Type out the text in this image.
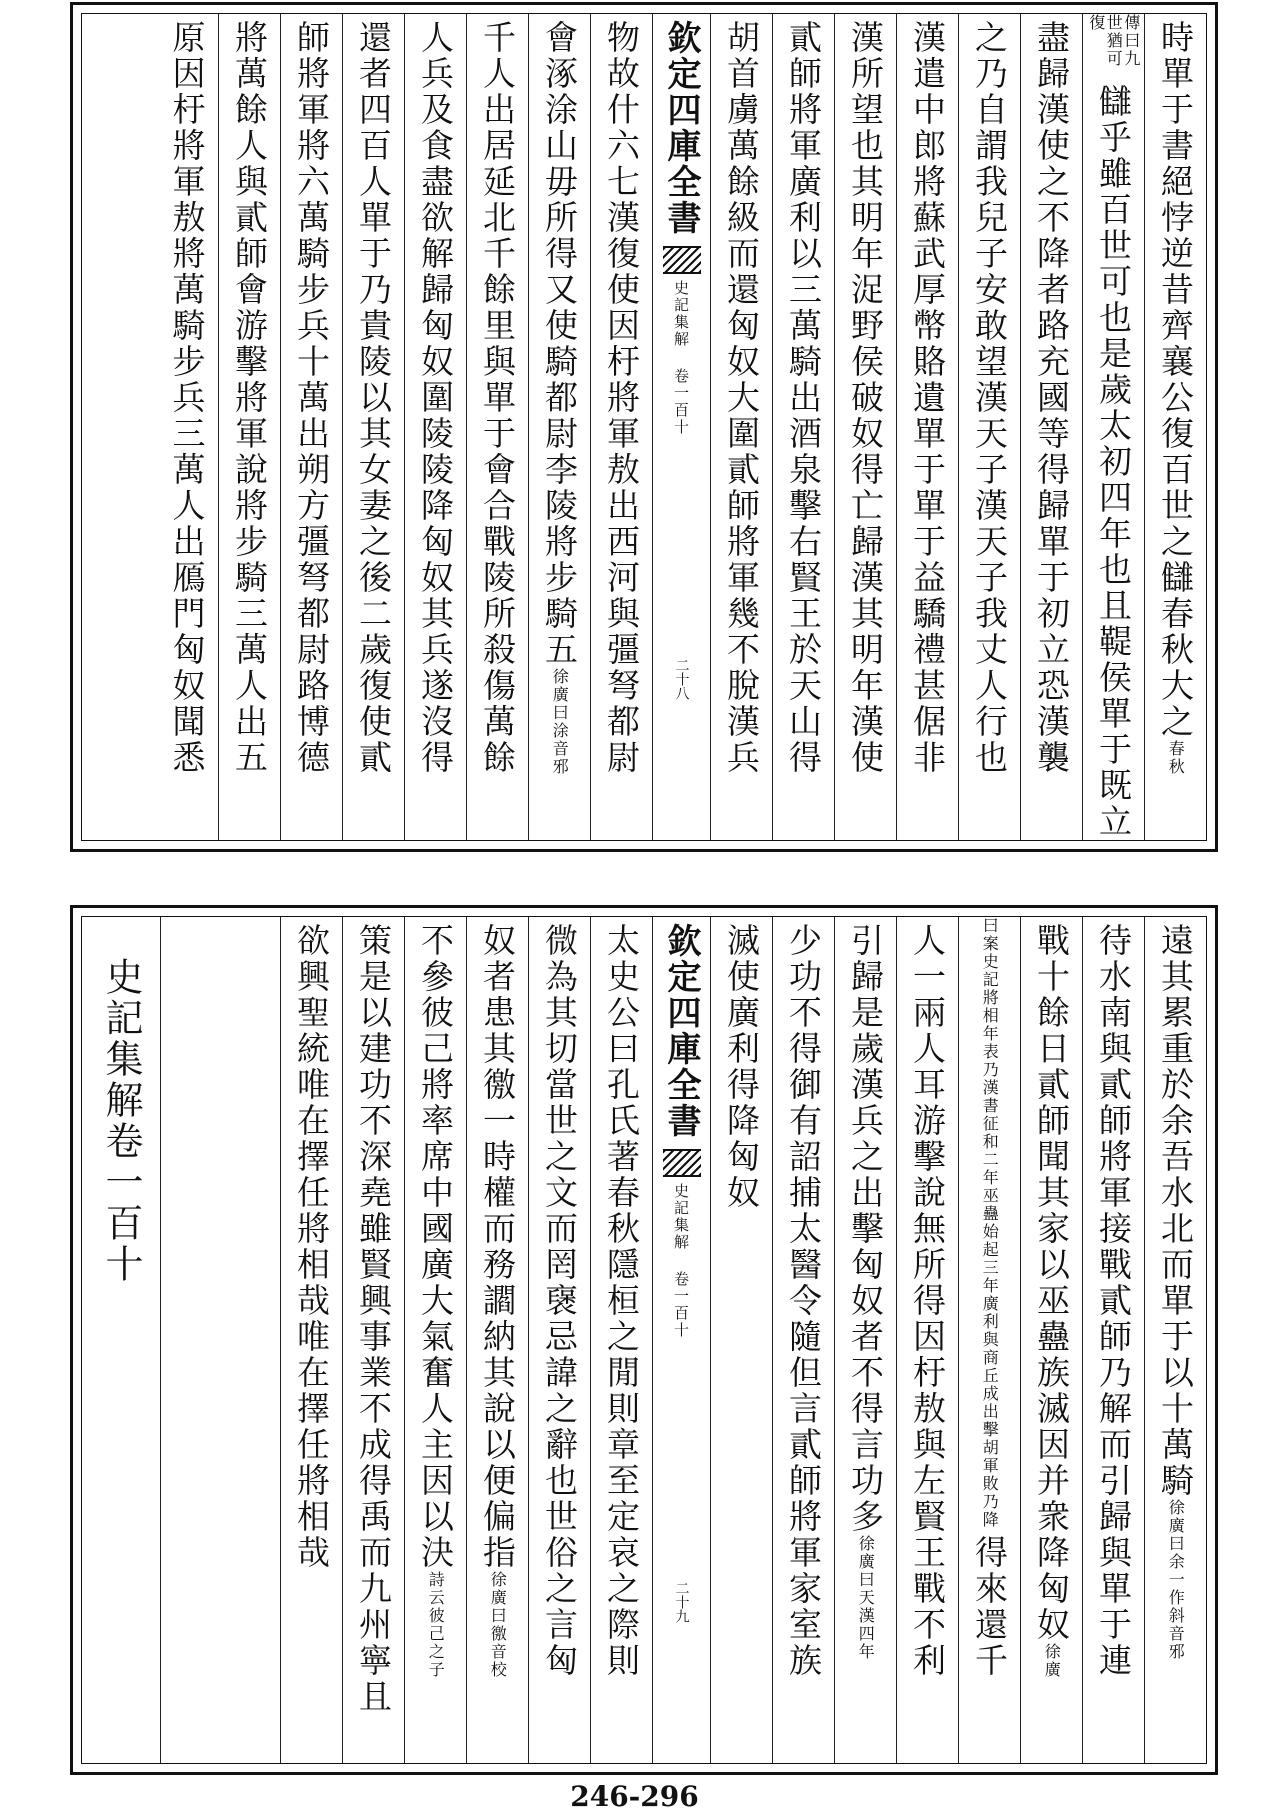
時單于書絕悖逆昔齊襄公復百世之讎春秋大之
春秋
傳曰九世猶可復
讎乎雖百世可也是歲太初四年也且鞮侯單于既立
盡歸漢使之不降者路充國等得歸單于初立恐漢襲
之乃自謂我兒子安敢望漢天子漢天子我丈人行也
漢遣中郎將蘇武厚幣賂遺單于單于益驕禮甚倨非
漢所望也其明年浞野侯破奴得亡歸漢其明年漢使
貳師將軍廣利以三萬騎出酒泉擊右賢王於天山得
胡首虜萬餘級而還匈奴大圍貳師將軍幾不脫漢兵
欽定四庫全書
史記集解 卷一百十
二十八
物故什六七漢復使因杅將軍敖出西河與彊弩都尉
會涿涂山毋所得又使騎都尉李陵將步騎五
徐廣曰涂音邪
千人出居延北千餘里與單于會合戰陵所殺傷萬餘
人兵及食盡欲解歸匈奴圍陵陵降匈奴其兵遂沒得
還者四百人單于乃貴陵以其女妻之後二歲復使貳
師將軍將六萬騎步兵十萬出朔方彊弩都尉路博德
將萬餘人與貳師會游擊將軍說將步騎三萬人出五
原因杅將軍敖將萬騎步兵三萬人出鴈門匈奴聞悉
遠其累重於余吾水北而單于以十萬騎
徐廣曰余一作斜音邪
待水南與貳師將軍接戰貳師乃解而引歸與單于連
戰十餘日貳師聞其家以巫蠱族滅因并衆降匈奴
徐廣
曰案史記將相年表乃漢書征和二年巫蠱始起三年廣利與商丘成出擊胡軍敗乃降
得來還千
人一兩人耳游擊說無所得因杅敖與左賢王戰不利
引歸是歲漢兵之出擊匈奴者不得言功多
徐廣曰天漢四年
少功不得御有詔捕太醫令隨但言貳師將軍家室族
滅使廣利得降匈奴
欽定四庫全書
史記集解 卷一百十
二十九
太史公曰孔氏著春秋隱桓之閒則章至定哀之際則
微為其切當世之文而罔襃忌諱之辭也世俗之言匈
奴者患其徼一時權而務讇納其說以便偏指
徐廣曰徼音校
不參彼己將率席中國廣大氣奮人主因以決
詩云彼己之子
策是以建功不深堯雖賢興事業不成得禹而九州寧且
欲興聖統唯在擇任將相哉唯在擇任將相哉
史記集解卷一百十
246-296
